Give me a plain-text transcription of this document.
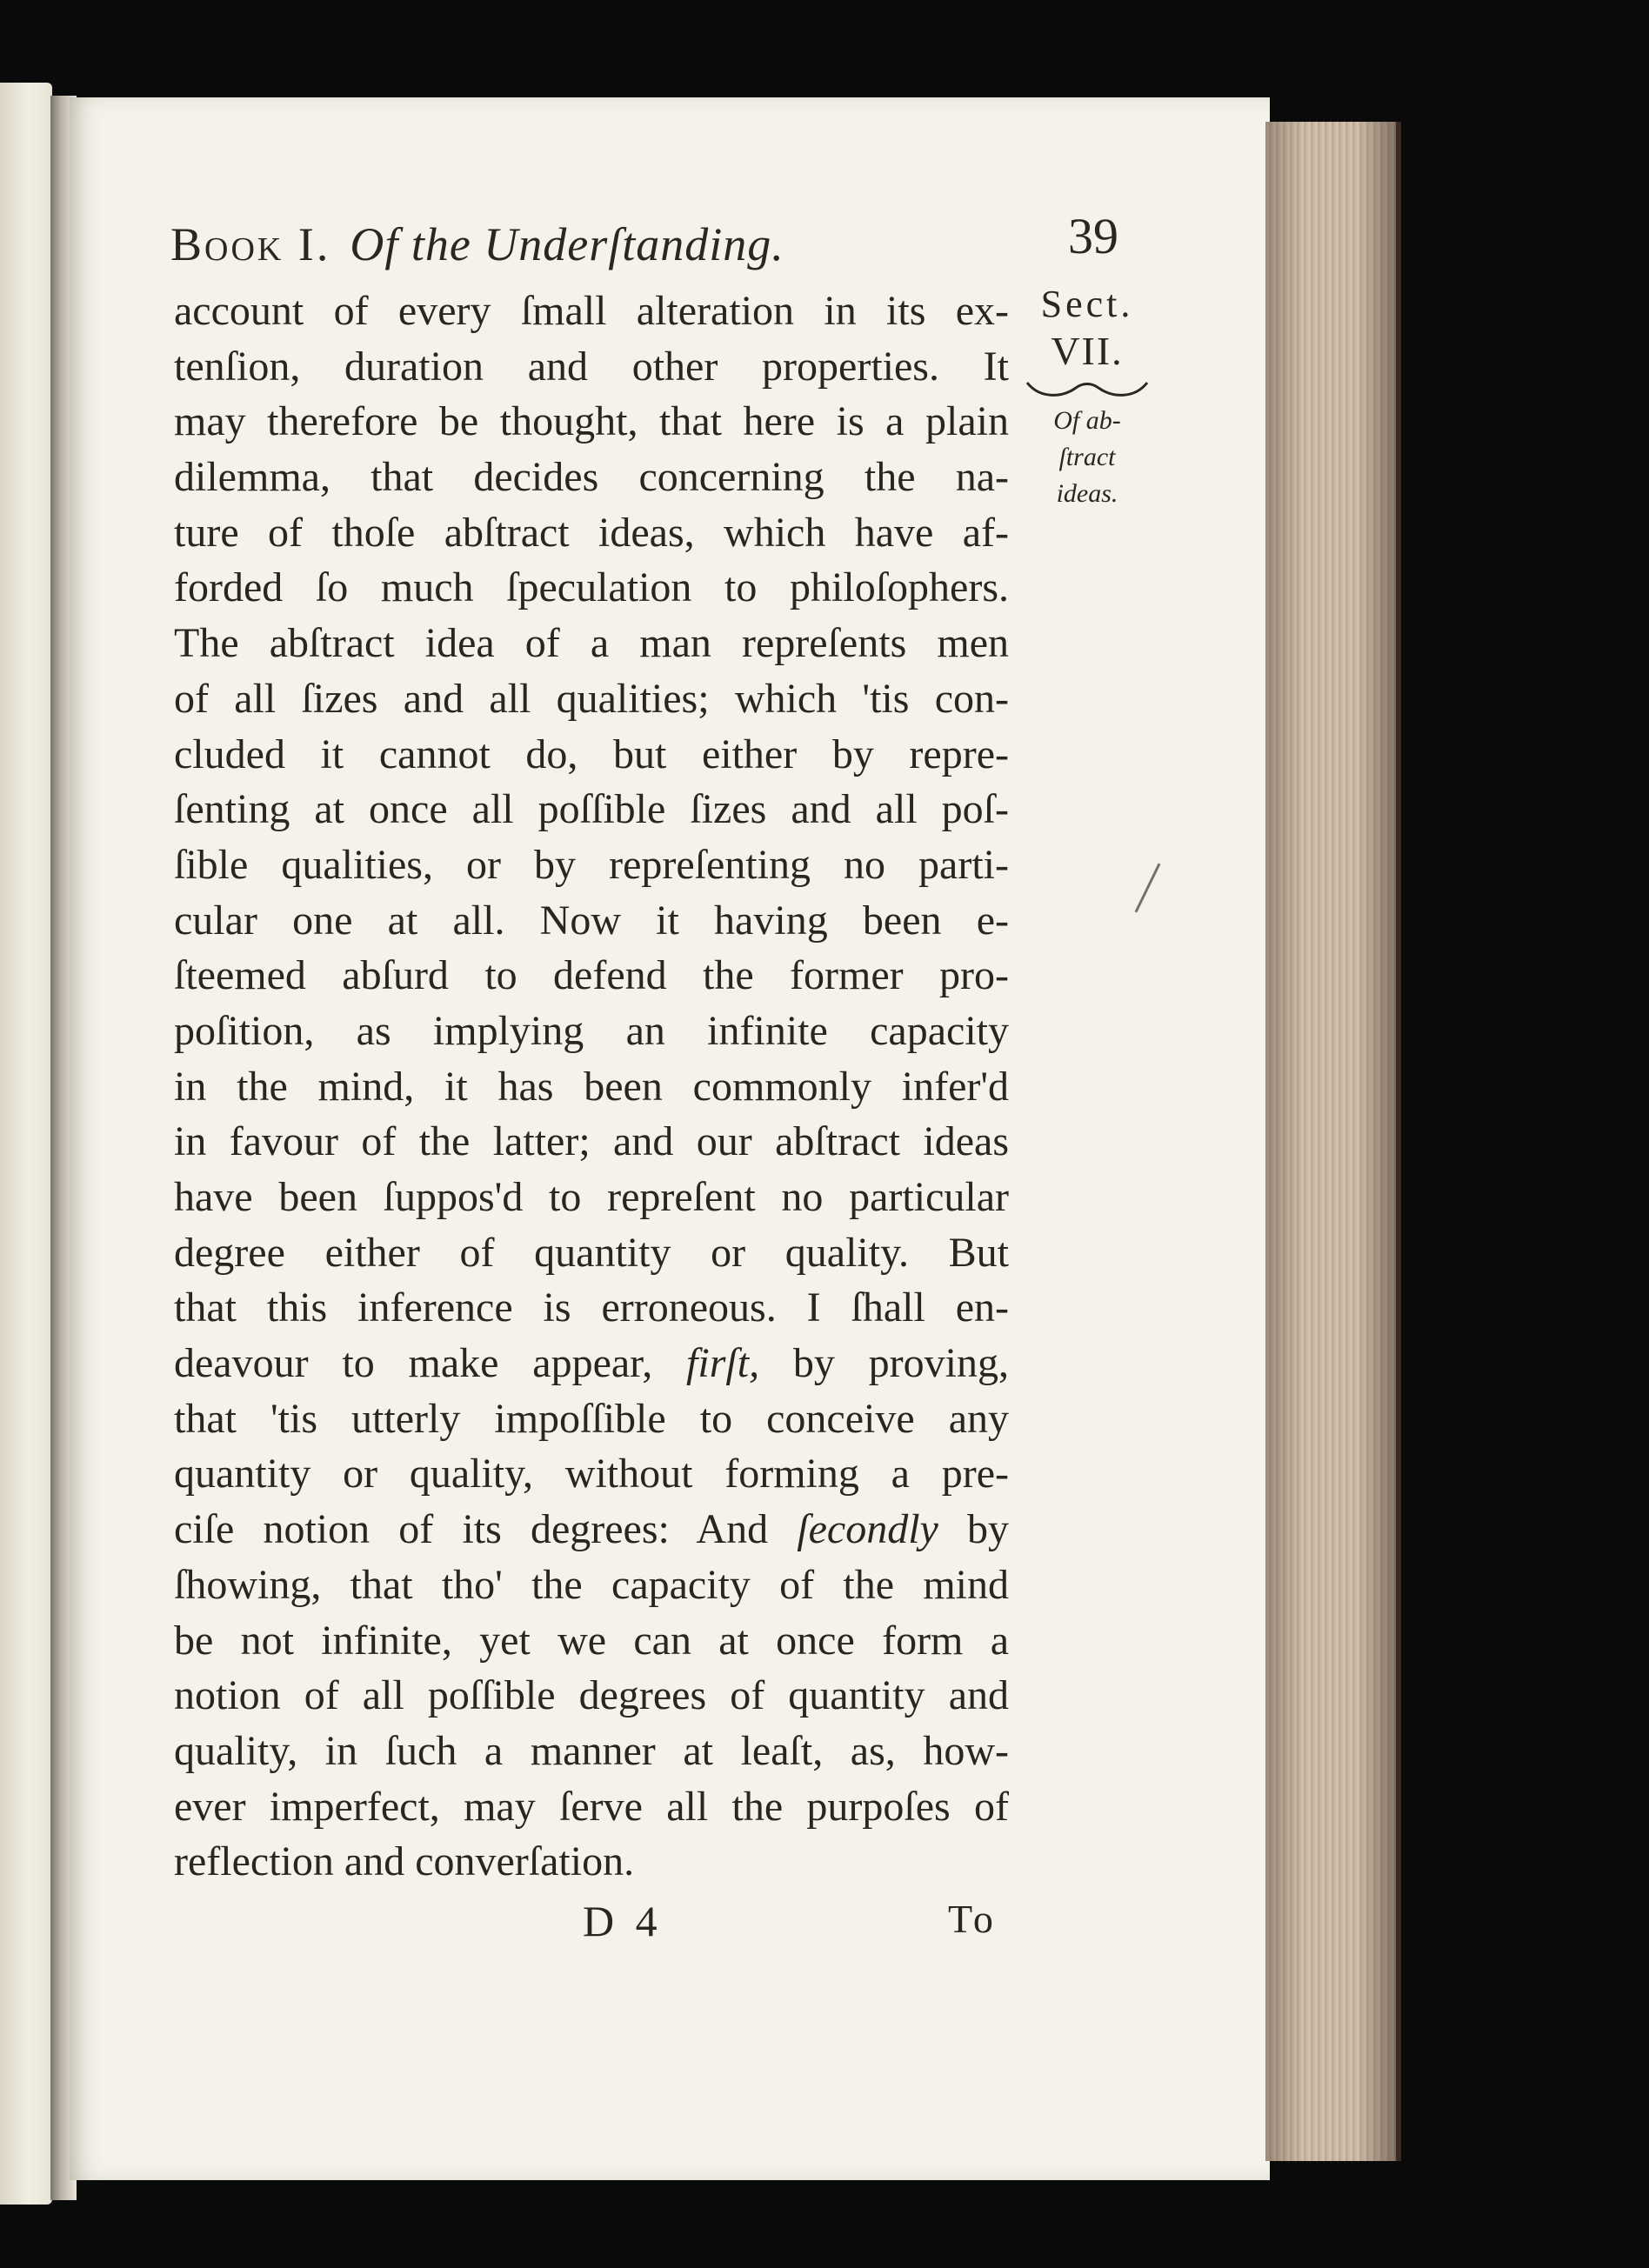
Book I. Of the Underſtanding.	39
Sect.
VII.
Of ab-
ſtract
ideas.
account of every ſmall alteration in its ex-
tenſion, duration and other properties. It
may therefore be thought, that here is a plain
dilemma, that decides concerning the na-
ture of thoſe abſtract ideas, which have af-
forded ſo much ſpeculation to philoſophers.
The abſtract idea of a man repreſents men
of all ſizes and all qualities; which 'tis con-
cluded it cannot do, but either by repre-
ſenting at once all poſſible ſizes and all poſ-
ſible qualities, or by repreſenting no parti-
cular one at all. Now it having been e-
ſteemed abſurd to defend the former pro-
poſition, as implying an infinite capacity
in the mind, it has been commonly infer'd
in favour of the latter; and our abſtract ideas
have been ſuppos'd to repreſent no particular
degree either of quantity or quality. But
that this inference is erroneous. I ſhall en-
deavour to make appear, firſt, by proving,
that 'tis utterly impoſſible to conceive any
quantity or quality, without forming a pre-
ciſe notion of its degrees: And ſecondly by
ſhowing, that tho' the capacity of the mind
be not infinite, yet we can at once form a
notion of all poſſible degrees of quantity and
quality, in ſuch a manner at leaſt, as, how-
ever imperfect, may ſerve all the purpoſes of
reflection and converſation.
D 4	To
